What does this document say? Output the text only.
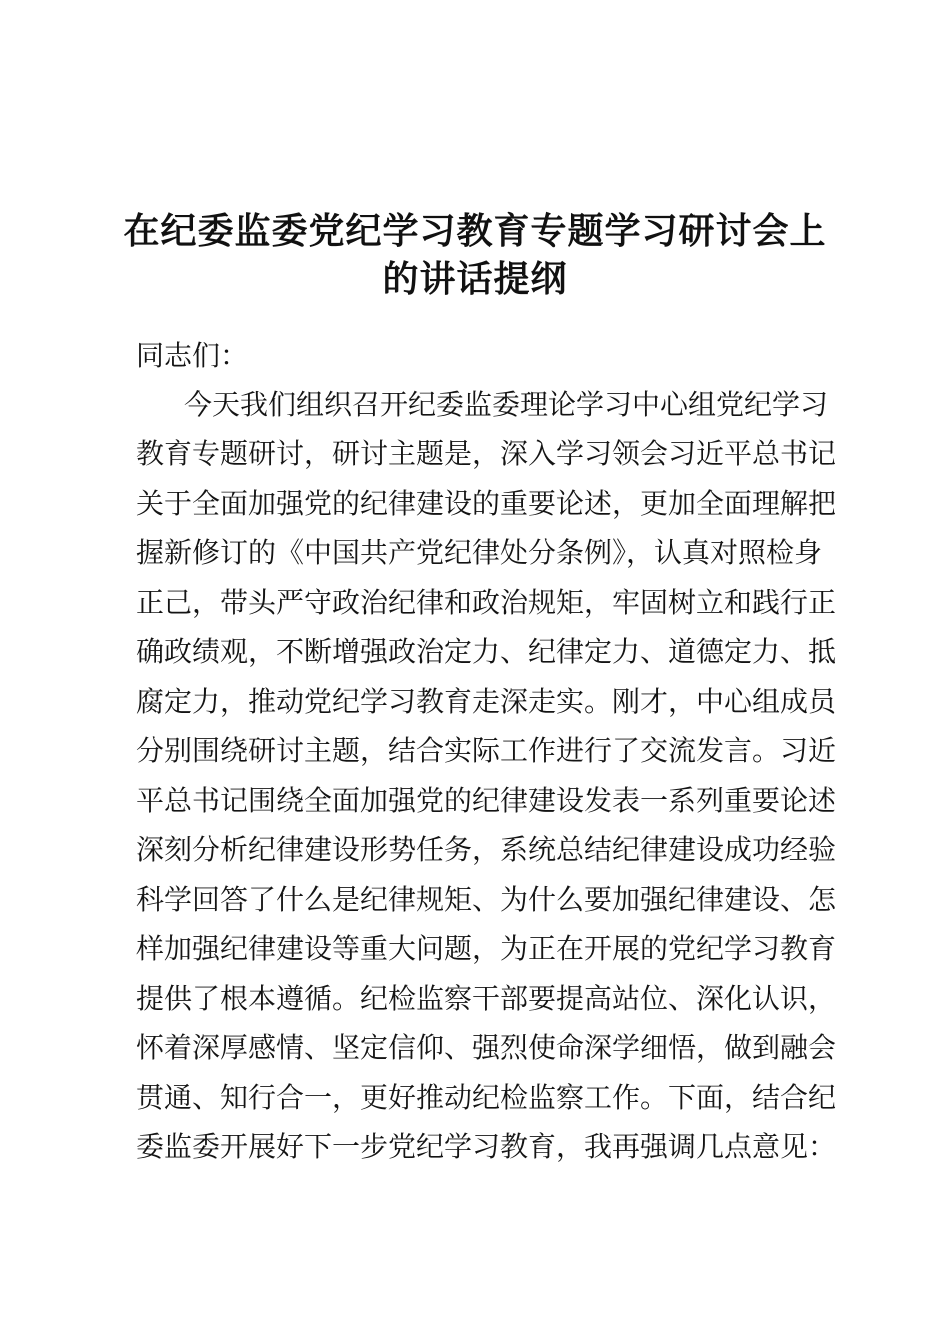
在纪委监委党纪学习教育专题学习研讨会上
的讲话提纲
同志们：
今天我们组织召开纪委监委理论学习中心组党纪学习
教育专题研讨，研讨主题是，深入学习领会习近平总书记
关于全面加强党的纪律建设的重要论述，更加全面理解把
握新修订的《中国共产党纪律处分条例》，认真对照检身
正己，带头严守政治纪律和政治规矩，牢固树立和践行正
确政绩观，不断增强政治定力、纪律定力、道德定力、抵
腐定力，推动党纪学习教育走深走实。刚才，中心组成员
分别围绕研讨主题，结合实际工作进行了交流发言。习近
平总书记围绕全面加强党的纪律建设发表一系列重要论述
深刻分析纪律建设形势任务，系统总结纪律建设成功经验
科学回答了什么是纪律规矩、为什么要加强纪律建设、怎
样加强纪律建设等重大问题，为正在开展的党纪学习教育
提供了根本遵循。纪检监察干部要提高站位、深化认识，
怀着深厚感情、坚定信仰、强烈使命深学细悟，做到融会
贯通、知行合一，更好推动纪检监察工作。下面，结合纪
委监委开展好下一步党纪学习教育，我再强调几点意见：
